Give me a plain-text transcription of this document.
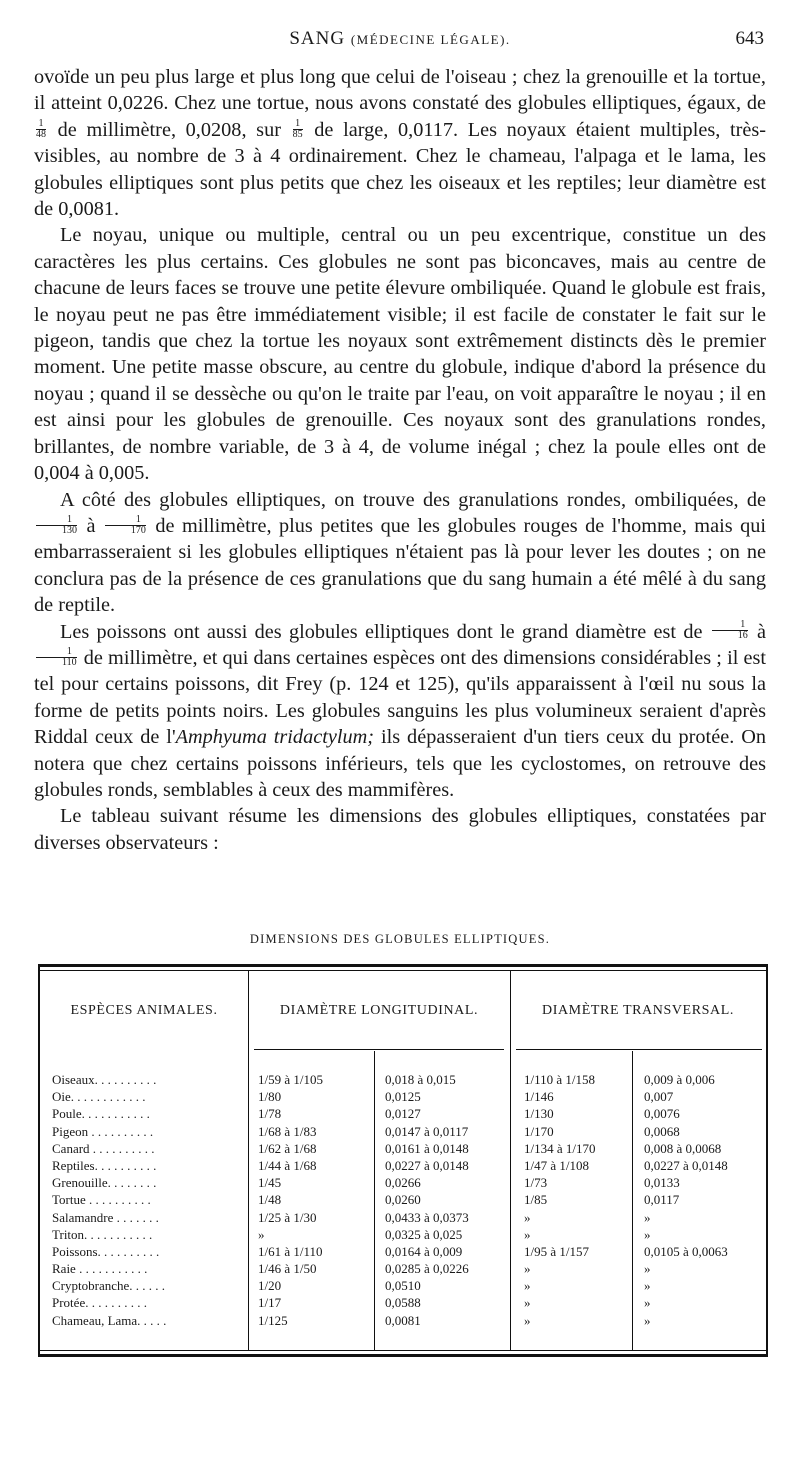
SANG (MÉDECINE LÉGALE).	643

ovoïde un peu plus large et plus long que celui de l'oiseau ; chez la grenouille et la tortue, il atteint 0,0226. Chez une tortue, nous avons constaté des globules elliptiques, égaux, de
$\frac{1}{48}$ de millimètre, 0,0208, sur $\frac{1}{85}$ de large, 0,0117. Les noyaux étaient multiples, très-visibles, au nombre de 3 à 4 ordinairement. Chez le chameau, l'alpaga et le lama, les globules elliptiques sont plus petits que chez les oiseaux et les reptiles; leur diamètre est de 0,0081.

Le noyau, unique ou multiple, central ou un peu excentrique, constitue un des caractères les plus certains. Ces globules ne sont pas biconcaves, mais au centre de chacune de leurs faces se trouve une petite élevure ombiliquée. Quand le globule est frais, le noyau peut ne pas être immédiatement visible; il est facile de constater le fait sur le pigeon, tandis que chez la tortue les noyaux sont extrêmement distincts dès le premier moment. Une petite masse obscure, au centre du globule, indique d'abord la présence du noyau ; quand il se dessèche ou qu'on le traite par l'eau, on voit apparaître le noyau ; il en est ainsi pour les globules de grenouille. Ces noyaux sont des granulations rondes, brillantes, de nombre variable, de 3 à 4, de volume inégal ; chez la poule elles ont de 0,004 à 0,005.

A côté des globules elliptiques, on trouve des granulations rondes, ombiliquées, de
$\frac{1}{130}$ à $\frac{1}{170}$ de millimètre, plus petites que les globules rouges de l'homme, mais qui embarrasseraient si les globules elliptiques n'étaient pas là pour lever les doutes ; on ne conclura pas de la présence de ces granulations que du sang humain a été mêlé à du sang de reptile.

Les poissons ont aussi des globules elliptiques dont le grand diamètre est de $\frac{1}{16}$ à
$\frac{1}{110}$ de millimètre, et qui dans certaines espèces ont des dimensions considérables ; il est tel pour certains poissons, dit Frey (p. 124 et 125), qu'ils apparaissent à l'œil nu sous la forme de petits points noirs. Les globules sanguins les plus volumineux seraient d'après Riddal ceux de l'Amphyuma tridactylum; ils dépasseraient d'un tiers ceux du protée. On notera que chez certains poissons inférieurs, tels que les cyclostomes, on retrouve des globules ronds, semblables à ceux des mammifères.

Le tableau suivant résume les dimensions des globules elliptiques, constatées par diverses observateurs :

DIMENSIONS DES GLOBULES ELLIPTIQUES.
ESPÈCES ANIMALES.	DIAMÈTRE LONGITUDINAL.	DIAMÈTRE TRANSVERSAL.
Oiseaux. . . . . . . . . .	1/59 à 1/105	0,018 à 0,015	1/110 à 1/158	0,009 à 0,006
Oie. . . . . . . . . . . .	1/80	0,0125	1/146	0,007
Poule. . . . . . . . . . .	1/78	0,0127	1/130	0,0076
Pigeon . . . . . . . . . .	1/68 à 1/83	0,0147 à 0,0117	1/170	0,0068
Canard . . . . . . . . . .	1/62 à 1/68	0,0161 à 0,0148	1/134 à 1/170	0,008 à 0,0068
Reptiles. . . . . . . . . .	1/44 à 1/68	0,0227 à 0,0148	1/47 à 1/108	0,0227 à 0,0148
Grenouille. . . . . . . .	1/45	0,0266	1/73	0,0133
Tortue . . . . . . . . . .	1/48	0,0260	1/85	0,0117
Salamandre . . . . . . .	1/25 à 1/30	0,0433 à 0,0373	»	»
Triton. . . . . . . . . . .	»	0,0325 à 0,025	»	»
Poissons. . . . . . . . . .	1/61 à 1/110	0,0164 à 0,009	1/95 à 1/157	0,0105 à 0,0063
Raie . . . . . . . . . . .	1/46 à 1/50	0,0285 à 0,0226	»	»
Cryptobranche. . . . . .	1/20	0,0510	»	»
Protée. . . . . . . . . .	1/17	0,0588	»	»
Chameau, Lama. . . . .	1/125	0,0081	»	»
